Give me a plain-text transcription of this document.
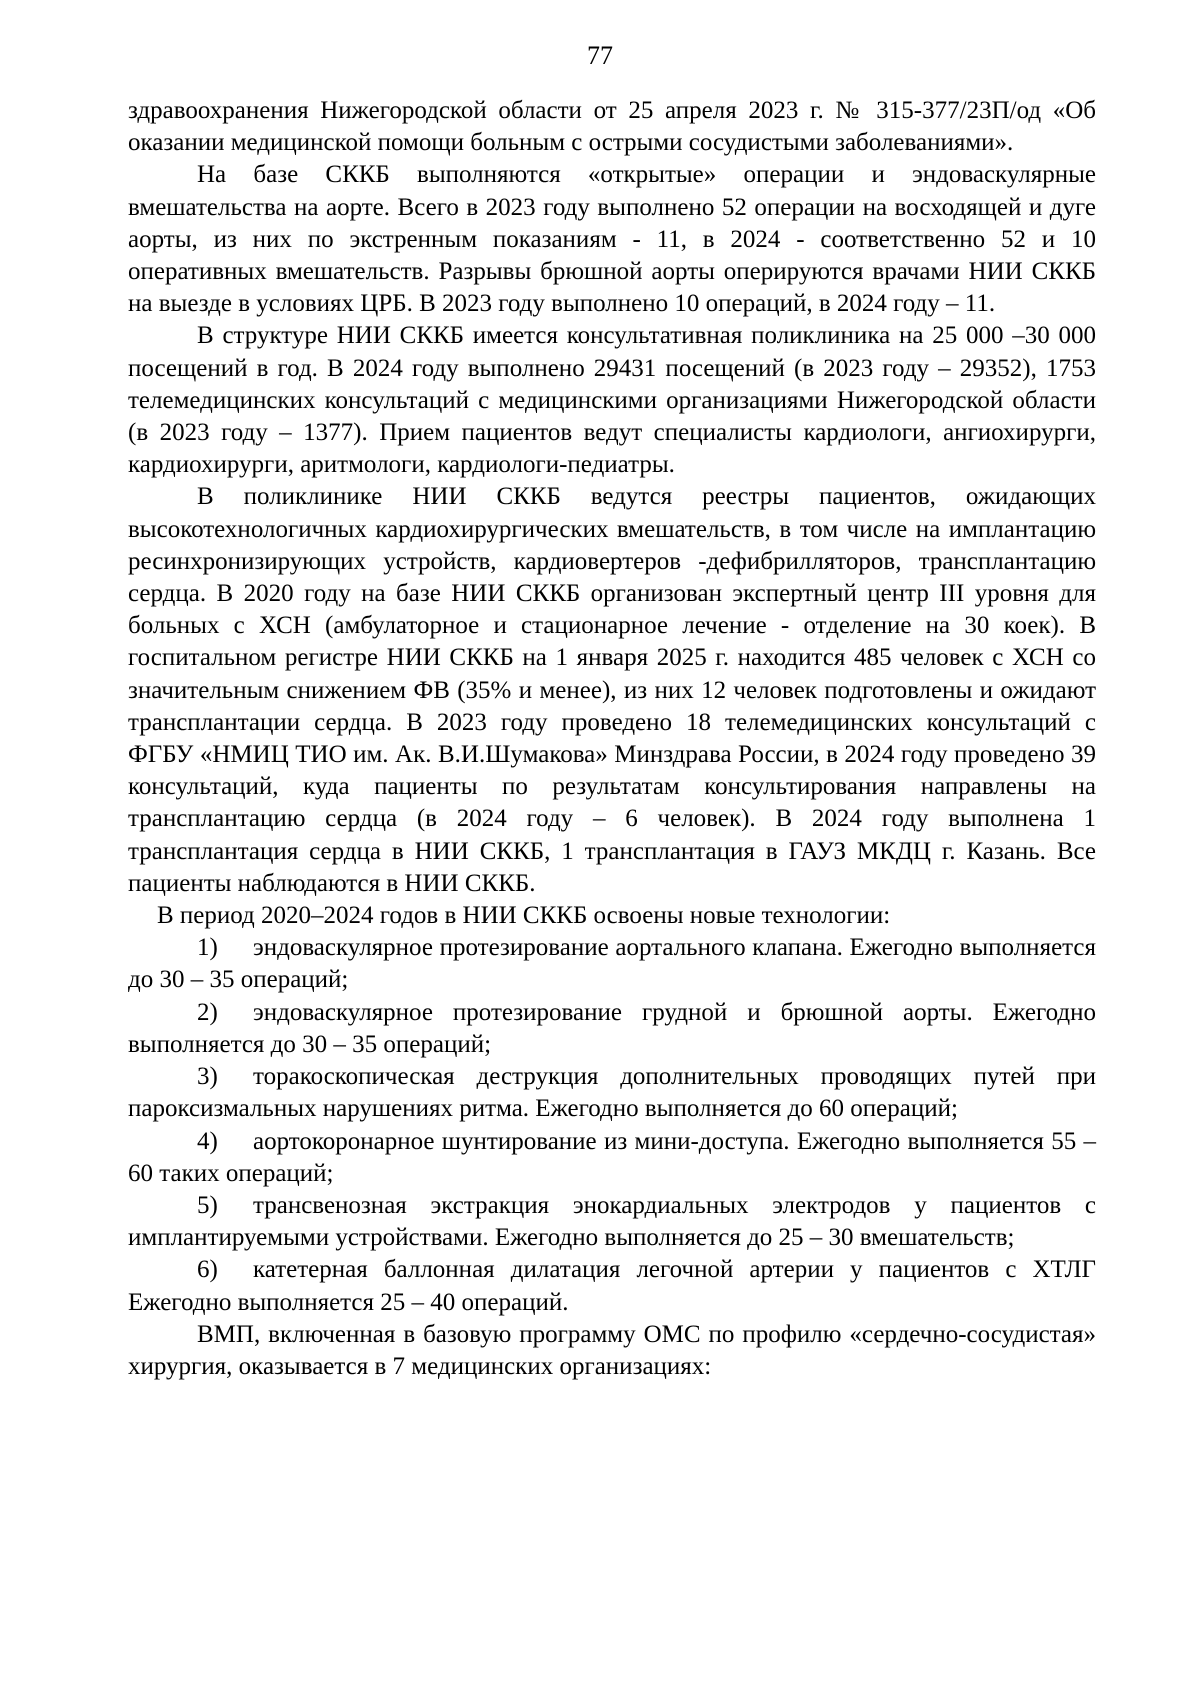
77

здравоохранения Нижегородской области от 25 апреля 2023 г. № 315-377/23П/од «Об оказании медицинской помощи больным с острыми сосудистыми заболеваниями».

На базе СККБ выполняются «открытые» операции и эндоваскулярные вмешательства на аорте. Всего в 2023 году выполнено 52 операции на восходящей и дуге аорты, из них по экстренным показаниям - 11, в 2024 - соответственно 52 и 10 оперативных вмешательств. Разрывы брюшной аорты оперируются врачами НИИ СККБ на выезде в условиях ЦРБ. В 2023 году выполнено 10 операций, в 2024 году – 11.

В структуре НИИ СККБ имеется консультативная поликлиника на 25 000 –30 000 посещений в год. В 2024 году выполнено 29431 посещений (в 2023 году – 29352), 1753 телемедицинских консультаций с медицинскими организациями Нижегородской области (в 2023 году – 1377). Прием пациентов ведут специалисты кардиологи, ангиохирурги, кардиохирурги, аритмологи, кардиологи-педиатры.

В поликлинике НИИ СККБ ведутся реестры пациентов, ожидающих высокотехнологичных кардиохирургических вмешательств, в том числе на имплантацию ресинхронизирующих устройств, кардиовертеров -дефибрилляторов, трансплантацию сердца. В 2020 году на базе НИИ СККБ организован экспертный центр III уровня для больных с ХСН (амбулаторное и стационарное лечение - отделение на 30 коек). В госпитальном регистре НИИ СККБ на 1 января 2025 г. находится 485 человек с ХСН со значительным снижением ФВ (35% и менее), из них 12 человек подготовлены и ожидают трансплантации сердца. В 2023 году проведено 18 телемедицинских консультаций с ФГБУ «НМИЦ ТИО им. Ак. В.И.Шумакова» Минздрава России, в 2024 году проведено 39 консультаций, куда пациенты по результатам консультирования направлены на трансплантацию сердца (в 2024 году – 6 человек). В 2024 году выполнена 1 трансплантация сердца в НИИ СККБ, 1 трансплантация в ГАУЗ МКДЦ г. Казань. Все пациенты наблюдаются в НИИ СККБ.

В период 2020–2024 годов в НИИ СККБ освоены новые технологии:

1) эндоваскулярное протезирование аортального клапана. Ежегодно выполняется до 30 – 35 операций;

2) эндоваскулярное протезирование грудной и брюшной аорты. Ежегодно выполняется до 30 – 35 операций;

3) торакоскопическая деструкция дополнительных проводящих путей при пароксизмальных нарушениях ритма. Ежегодно выполняется до 60 операций;

4) аортокоронарное шунтирование из мини-доступа. Ежегодно выполняется 55 – 60 таких операций;

5) трансвенозная экстракция энокардиальных электродов у пациентов с имплантируемыми устройствами. Ежегодно выполняется до 25 – 30 вмешательств;

6) катетерная баллонная дилатация легочной артерии у пациентов с ХТЛГ Ежегодно выполняется 25 – 40 операций.

ВМП, включенная в базовую программу ОМС по профилю «сердечно-сосудистая» хирургия, оказывается в 7 медицинских организациях:
